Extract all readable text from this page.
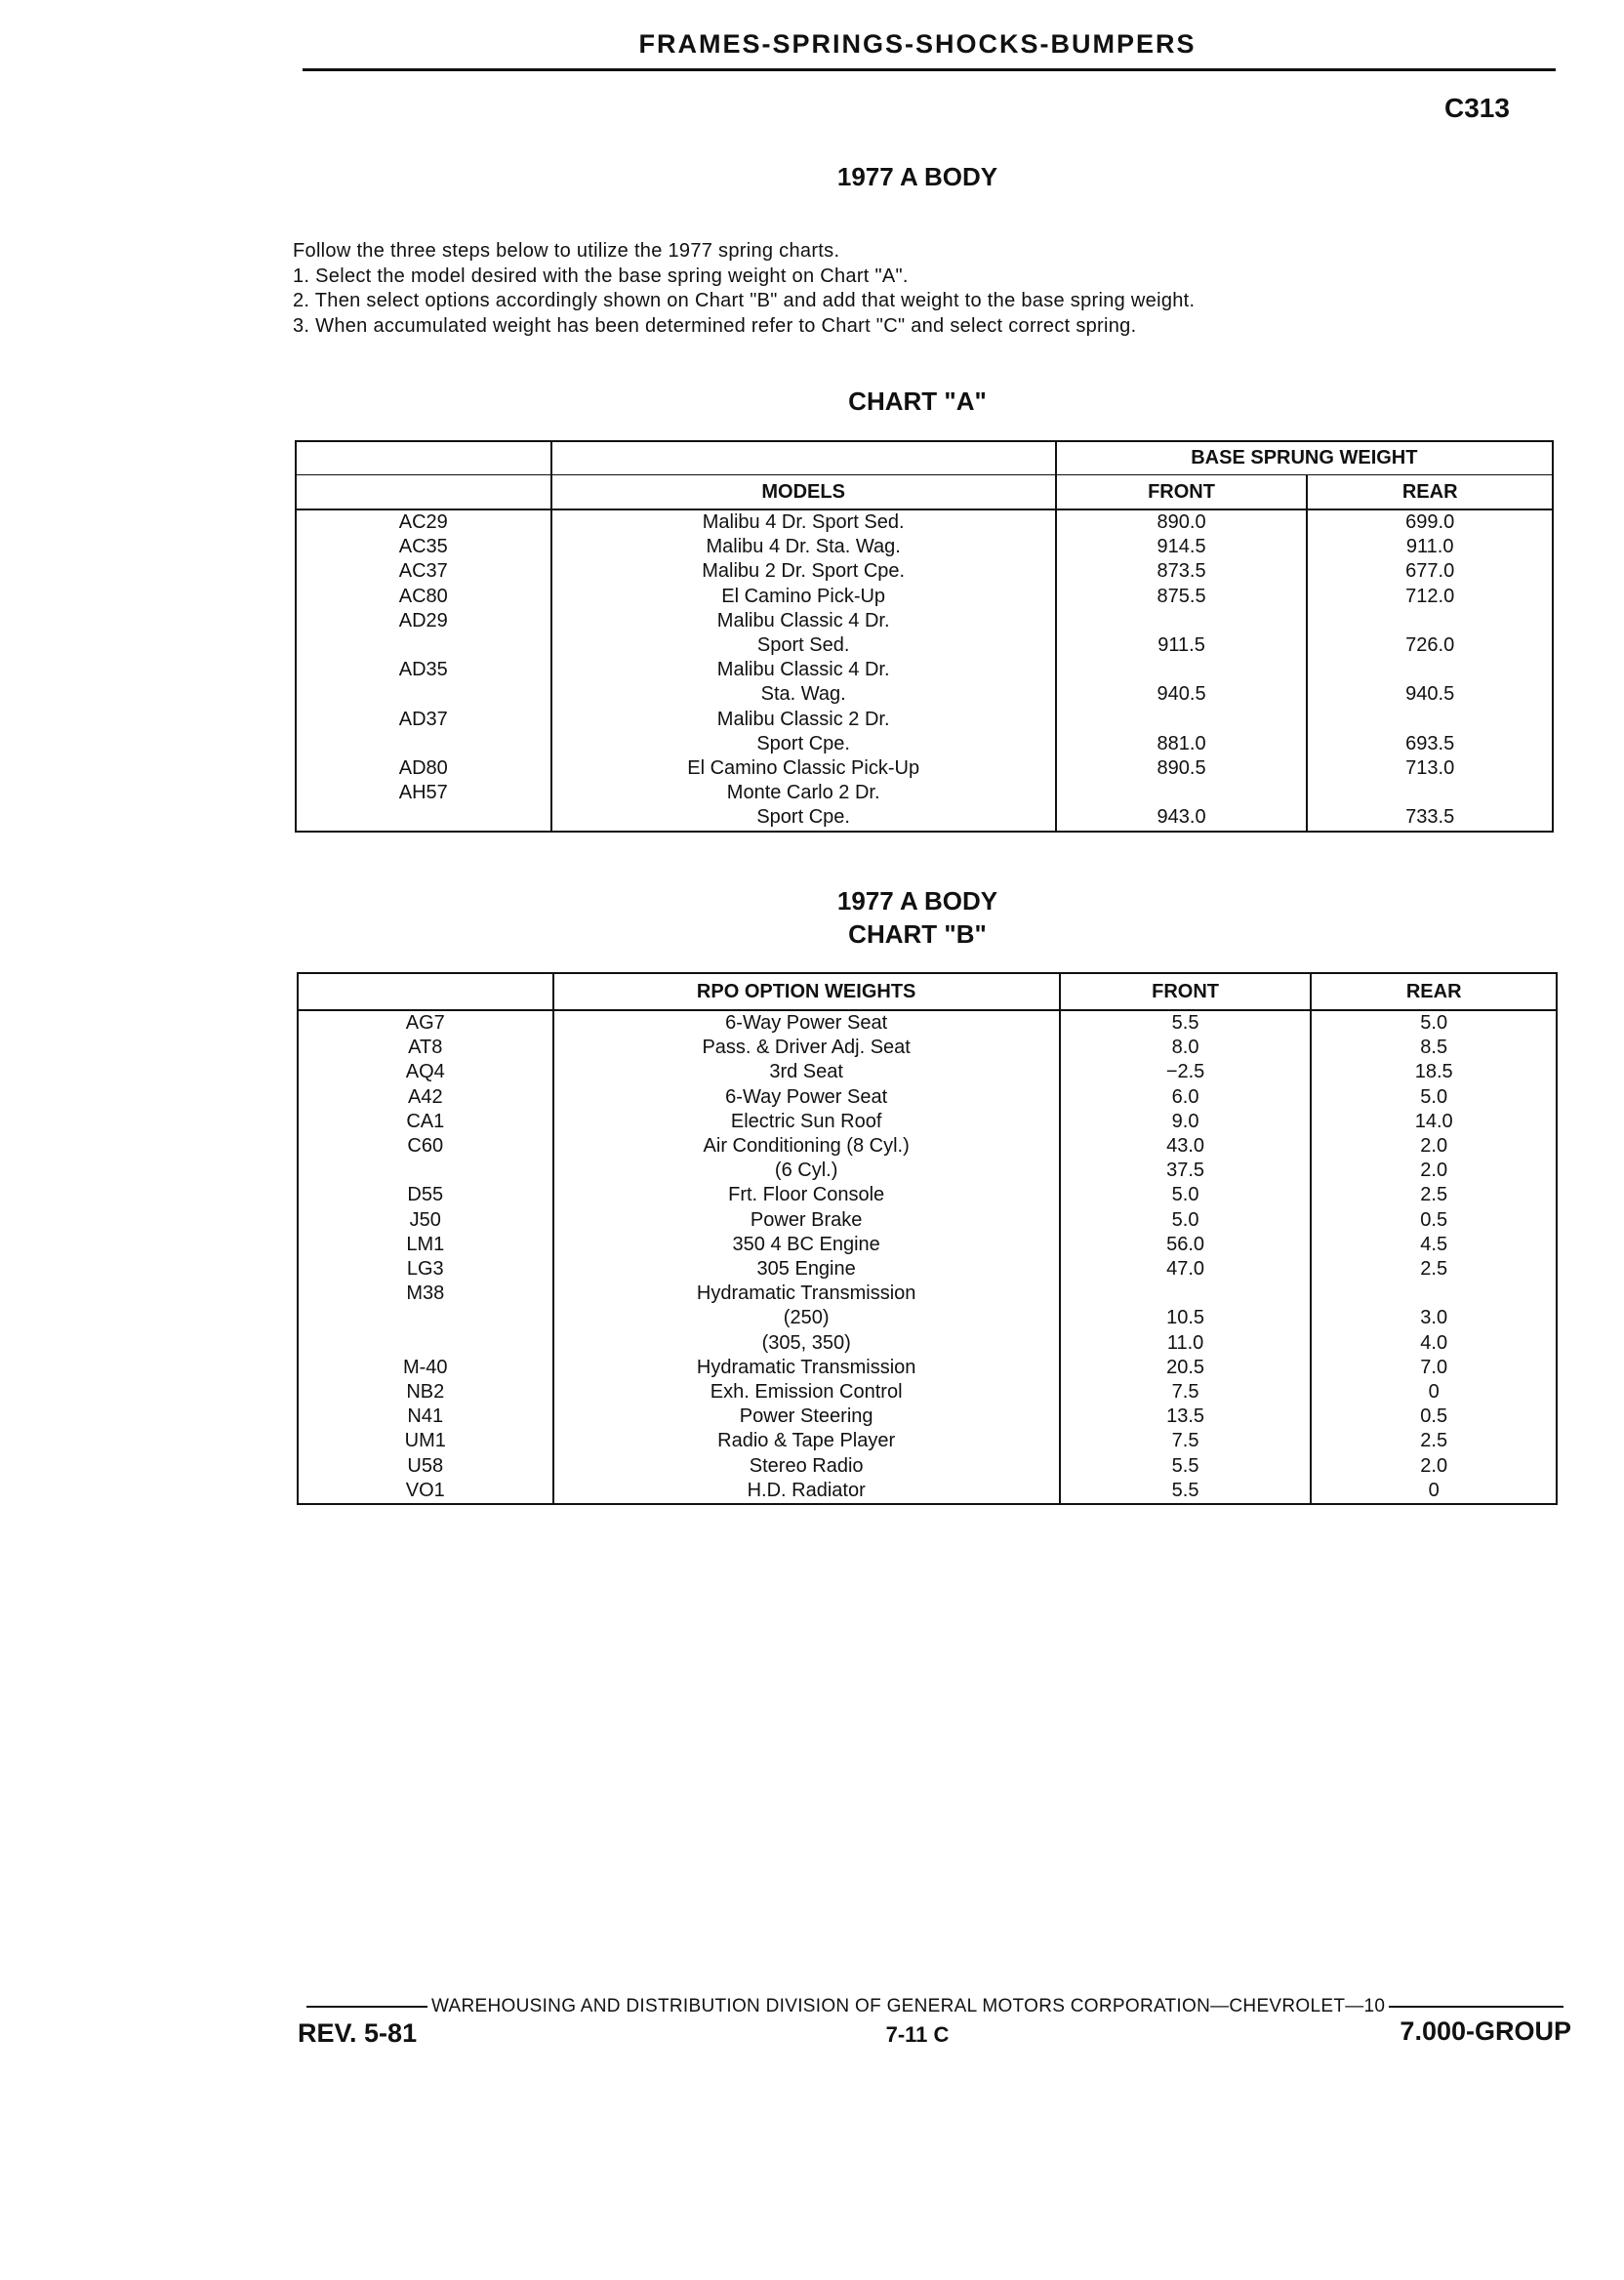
FRAMES-SPRINGS-SHOCKS-BUMPERS
C313
1977 A BODY
Follow the three steps below to utilize the 1977 spring charts.
1. Select the model desired with the base spring weight on Chart "A".
2. Then select options accordingly shown on Chart "B" and add that weight to the base spring weight.
3. When accumulated weight has been determined refer to Chart "C" and select correct spring.
CHART "A"
		BASE SPRUNG WEIGHT	
	MODELS	FRONT	REAR
AC29	Malibu 4 Dr. Sport Sed.	890.0	699.0
AC35	Malibu 4 Dr. Sta. Wag.	914.5	911.0
AC37	Malibu 2 Dr. Sport Cpe.	873.5	677.0
AC80	El Camino Pick-Up	875.5	712.0
AD29	Malibu Classic 4 Dr.		
	Sport Sed.	911.5	726.0
AD35	Malibu Classic 4 Dr.		
	Sta. Wag.	940.5	940.5
AD37	Malibu Classic 2 Dr.		
	Sport Cpe.	881.0	693.5
AD80	El Camino Classic Pick-Up	890.5	713.0
AH57	Monte Carlo 2 Dr.		
	Sport Cpe.	943.0	733.5
1977 A BODY
CHART "B"
	RPO OPTION WEIGHTS	FRONT	REAR
AG7	6-Way Power Seat	5.5	5.0
AT8	Pass. & Driver Adj. Seat	8.0	8.5
AQ4	3rd Seat	−2.5	18.5
A42	6-Way Power Seat	6.0	5.0
CA1	Electric Sun Roof	9.0	14.0
C60	Air Conditioning (8 Cyl.)	43.0	2.0
	(6 Cyl.)	37.5	2.0
D55	Frt. Floor Console	5.0	2.5
J50	Power Brake	5.0	0.5
LM1	350 4 BC Engine	56.0	4.5
LG3	305 Engine	47.0	2.5
M38	Hydramatic Transmission		
	(250)	10.5	3.0
	(305, 350)	11.0	4.0
M-40	Hydramatic Transmission	20.5	7.0
NB2	Exh. Emission Control	7.5	0
N41	Power Steering	13.5	0.5
UM1	Radio & Tape Player	7.5	2.5
U58	Stereo Radio	5.5	2.0
VO1	H.D. Radiator	5.5	0
WAREHOUSING AND DISTRIBUTION DIVISION OF GENERAL MOTORS CORPORATION—CHEVROLET—10
REV. 5-81	7-11 C	7.000-GROUP
